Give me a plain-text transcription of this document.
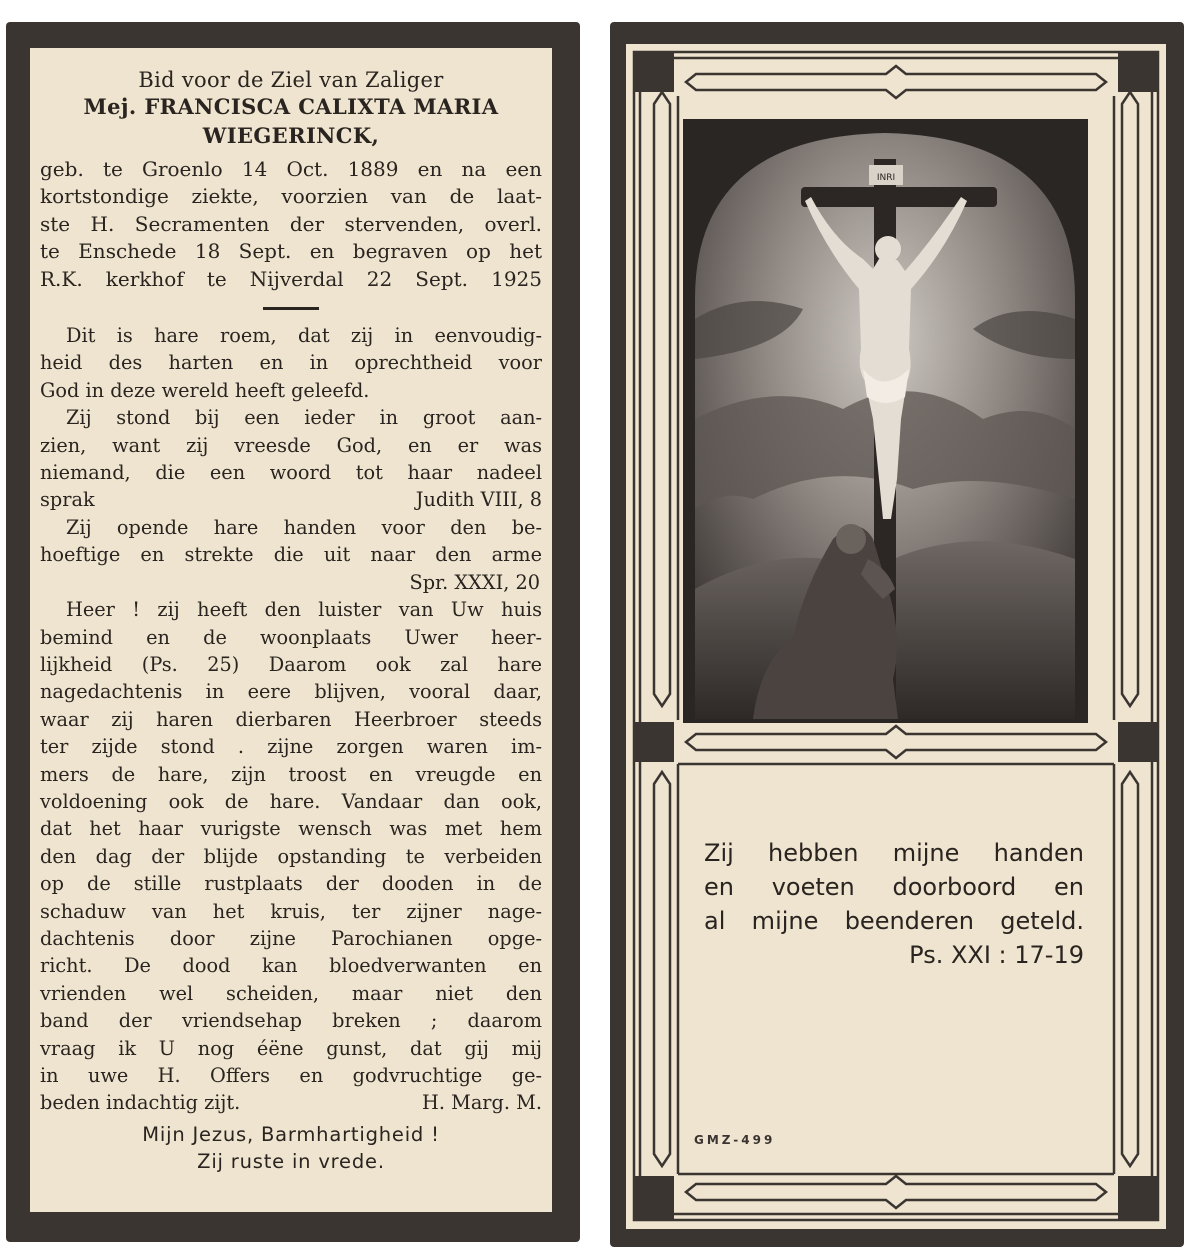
Bid voor de Ziel van Zaliger
Mej. FRANCISCA CALIXTA MARIA
WIEGERINCK,
geb. te Groenlo 14 Oct. 1889 en na een
kortstondige ziekte, voorzien van de laat-
ste H. Secramenten der stervenden, overl.
te Enschede 18 Sept. en begraven op het
R.K. kerkhof te Nijverdal 22 Sept. 1925
Dit is hare roem, dat zij in eenvoudig-
heid des harten en in oprechtheid voor
God in deze wereld heeft geleefd.
Zij stond bij een ieder in groot aan-
zien, want zij vreesde God, en er was
niemand, die een woord tot haar nadeel
sprak	Judith VIII, 8
Zij opende hare handen voor den be-
hoeftige en strekte die uit naar den arme
Spr. XXXI, 20
Heer ! zij heeft den luister van Uw huis
bemind en de woonplaats Uwer heer-
lijkheid (Ps. 25) Daarom ook zal hare
nagedachtenis in eere blijven, vooral daar,
waar zij haren dierbaren Heerbroer steeds
ter zijde stond . zijne zorgen waren im-
mers de hare, zijn troost en vreugde en
voldoening ook de hare. Vandaar dan ook,
dat het haar vurigste wensch was met hem
den dag der blijde opstanding te verbeiden
op de stille rustplaats der dooden in de
schaduw van het kruis, ter zijner nage-
dachtenis door zijne Parochianen opge-
richt. De dood kan bloedverwanten en
vrienden wel scheiden, maar niet den
band der vriendsehap breken ; daarom
vraag ik U nog éëne gunst, dat gij mij
in uwe H. Offers en godvruchtige ge-
beden indachtig zijt.	H. Marg. M.
Mijn Jezus, Barmhartigheid !
Zij ruste in vrede.
INRI
Zij hebben mijne handen
en voeten doorboord en
al mijne beenderen geteld.
Ps. XXI : 17-19
GMZ-499
